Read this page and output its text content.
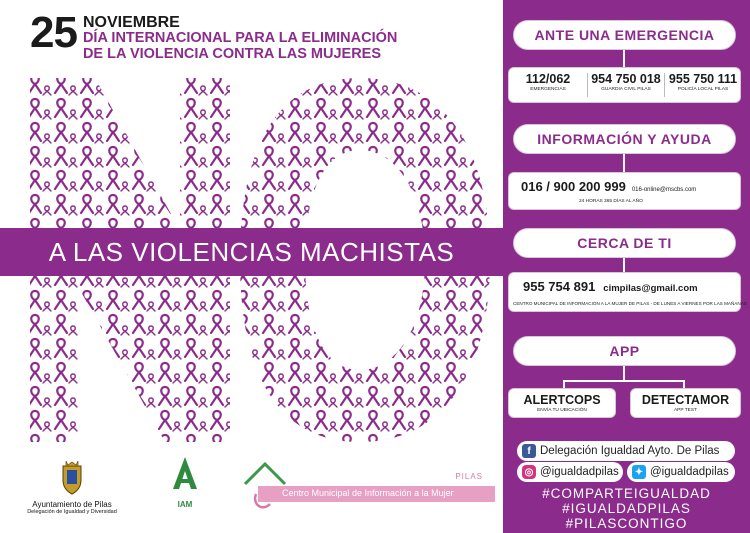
25 NOVIEMBRE
DÍA INTERNACIONAL PARA LA ELIMINACIÓN
DE LA VIOLENCIA CONTRA LAS MUJERES
A LAS VIOLENCIAS MACHISTAS
Ayuntamiento de Pilas
Delegación de Igualdad y Diversidad
IAM
PILAS
Centro Municipal de Información a la Mujer
ANTE UNA EMERGENCIA
112/062
EMERGENCIAS
954 750 018
GUARDIA CIVIL PILAS
955 750 111
POLICÍA LOCAL PILAS
INFORMACIÓN Y AYUDA
016 / 900 200 999 016-online@mscbs.com
24 HORAS 365 DÍAS AL AÑO
CERCA DE TI
955 754 891 cimpilas@gmail.com
CENTRO MUNICIPAL DE INFORMACIÓN A LA MUJER DE PILAS - DE LUNES A VIERNES POR LAS MAÑANAS
APP
ALERTCOPS
ENVÍA TU UBICACIÓN
DETECTAMOR
APP TEST
f Delegación Igualdad Ayto. De Pilas
◎ @igualdadpilas ✦ @igualdadpilas
#COMPARTEIGUALDAD
#IGUALDADPILAS
#PILASCONTIGO
